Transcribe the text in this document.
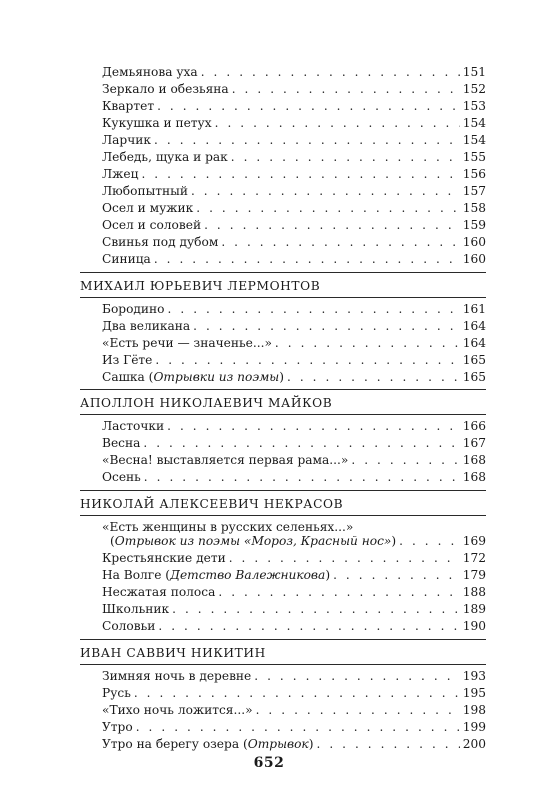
Демьянова уха . . .	151
Зеркало и обезьяна . . .	152
Квартет . . .	153
Кукушка и петух . . .	154
Ларчик . . .	154
Лебедь, щука и рак . . .	155
Лжец . . .	156
Любопытный . . .	157
Осел и мужик . . .	158
Осел и соловей . . .	159
Свинья под дубом . . .	160
Синица . . .	160
МИХАИЛ ЮРЬЕВИЧ ЛЕРМОНТОВ
Бородино . . .	161
Два великана . . .	164
«Есть речи — значенье...» . . .	164
Из Гёте . . .	165
Сашка (Отрывки из поэмы) . . .	165
АПОЛЛОН НИКОЛАЕВИЧ МАЙКОВ
Ласточки . . .	166
Весна . . .	167
«Весна! выставляется первая рама...» . . .	168
Осень . . .	168
НИКОЛАЙ АЛЕКСЕЕВИЧ НЕКРАСОВ
«Есть женщины в русских селеньях...»
(Отрывок из поэмы «Мороз, Красный нос») . . .	169
Крестьянские дети . . .	172
На Волге (Детство Валежникова) . . .	179
Несжатая полоса . . .	188
Школьник . . .	189
Соловьи . . .	190
ИВАН САВВИЧ НИКИТИН
Зимняя ночь в деревне . . .	193
Русь . . .	195
«Тихо ночь ложится...» . . .	198
Утро . . .	199
Утро на берегу озера (Отрывок) . . .	200
652
